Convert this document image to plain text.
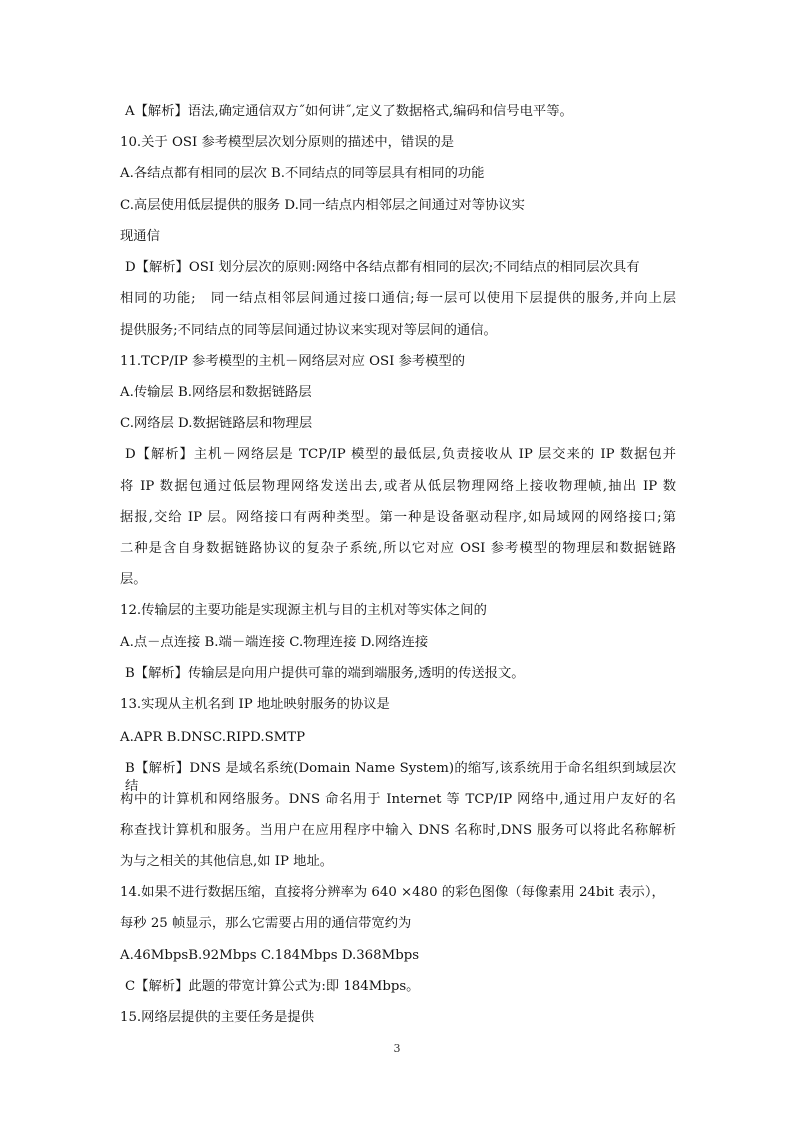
A【解析】语法,确定通信双方˝如何讲˝,定义了数据格式,编码和信号电平等。
10.关于 OSI 参考模型层次划分原则的描述中，错误的是
A.各结点都有相同的层次 B.不同结点的同等层具有相同的功能
C.高层使用低层提供的服务 D.同一结点内相邻层之间通过对等协议实
现通信
D【解析】OSI 划分层次的原则:网络中各结点都有相同的层次;不同结点的相同层次具有
相同的功能;　同一结点相邻层间通过接口通信;每一层可以使用下层提供的服务,并向上层
提供服务;不同结点的同等层间通过协议来实现对等层间的通信。
11.TCP/IP 参考模型的主机－网络层对应 OSI 参考模型的
A.传输层 B.网络层和数据链路层
C.网络层 D.数据链路层和物理层
D【解析】主机－网络层是 TCP/IP 模型的最低层,负责接收从 IP 层交来的 IP 数据包并
将 IP 数据包通过低层物理网络发送出去,或者从低层物理网络上接收物理帧,抽出 IP 数
据报,交给 IP 层。网络接口有两种类型。第一种是设备驱动程序,如局域网的网络接口;第
二种是含自身数据链路协议的复杂子系统,所以它对应 OSI 参考模型的物理层和数据链路
层。
12.传输层的主要功能是实现源主机与目的主机对等实体之间的
A.点－点连接 B.端－端连接 C.物理连接 D.网络连接
B【解析】传输层是向用户提供可靠的端到端服务,透明的传送报文。
13.实现从主机名到 IP 地址映射服务的协议是
A.APR B.DNSC.RIPD.SMTP
B【解析】DNS 是域名系统(Domain Name System)的缩写,该系统用于命名组织到域层次结
构中的计算机和网络服务。DNS 命名用于 Internet 等 TCP/IP 网络中,通过用户友好的名
称查找计算机和服务。当用户在应用程序中输入 DNS 名称时,DNS 服务可以将此名称解析
为与之相关的其他信息,如 IP 地址。
14.如果不进行数据压缩，直接将分辨率为 640 ×480 的彩色图像（每像素用 24bit 表示），
每秒 25 帧显示，那么它需要占用的通信带宽约为
A.46MbpsB.92Mbps C.184Mbps D.368Mbps
C【解析】此题的带宽计算公式为:即 184Mbps。
15.网络层提供的主要任务是提供
3
